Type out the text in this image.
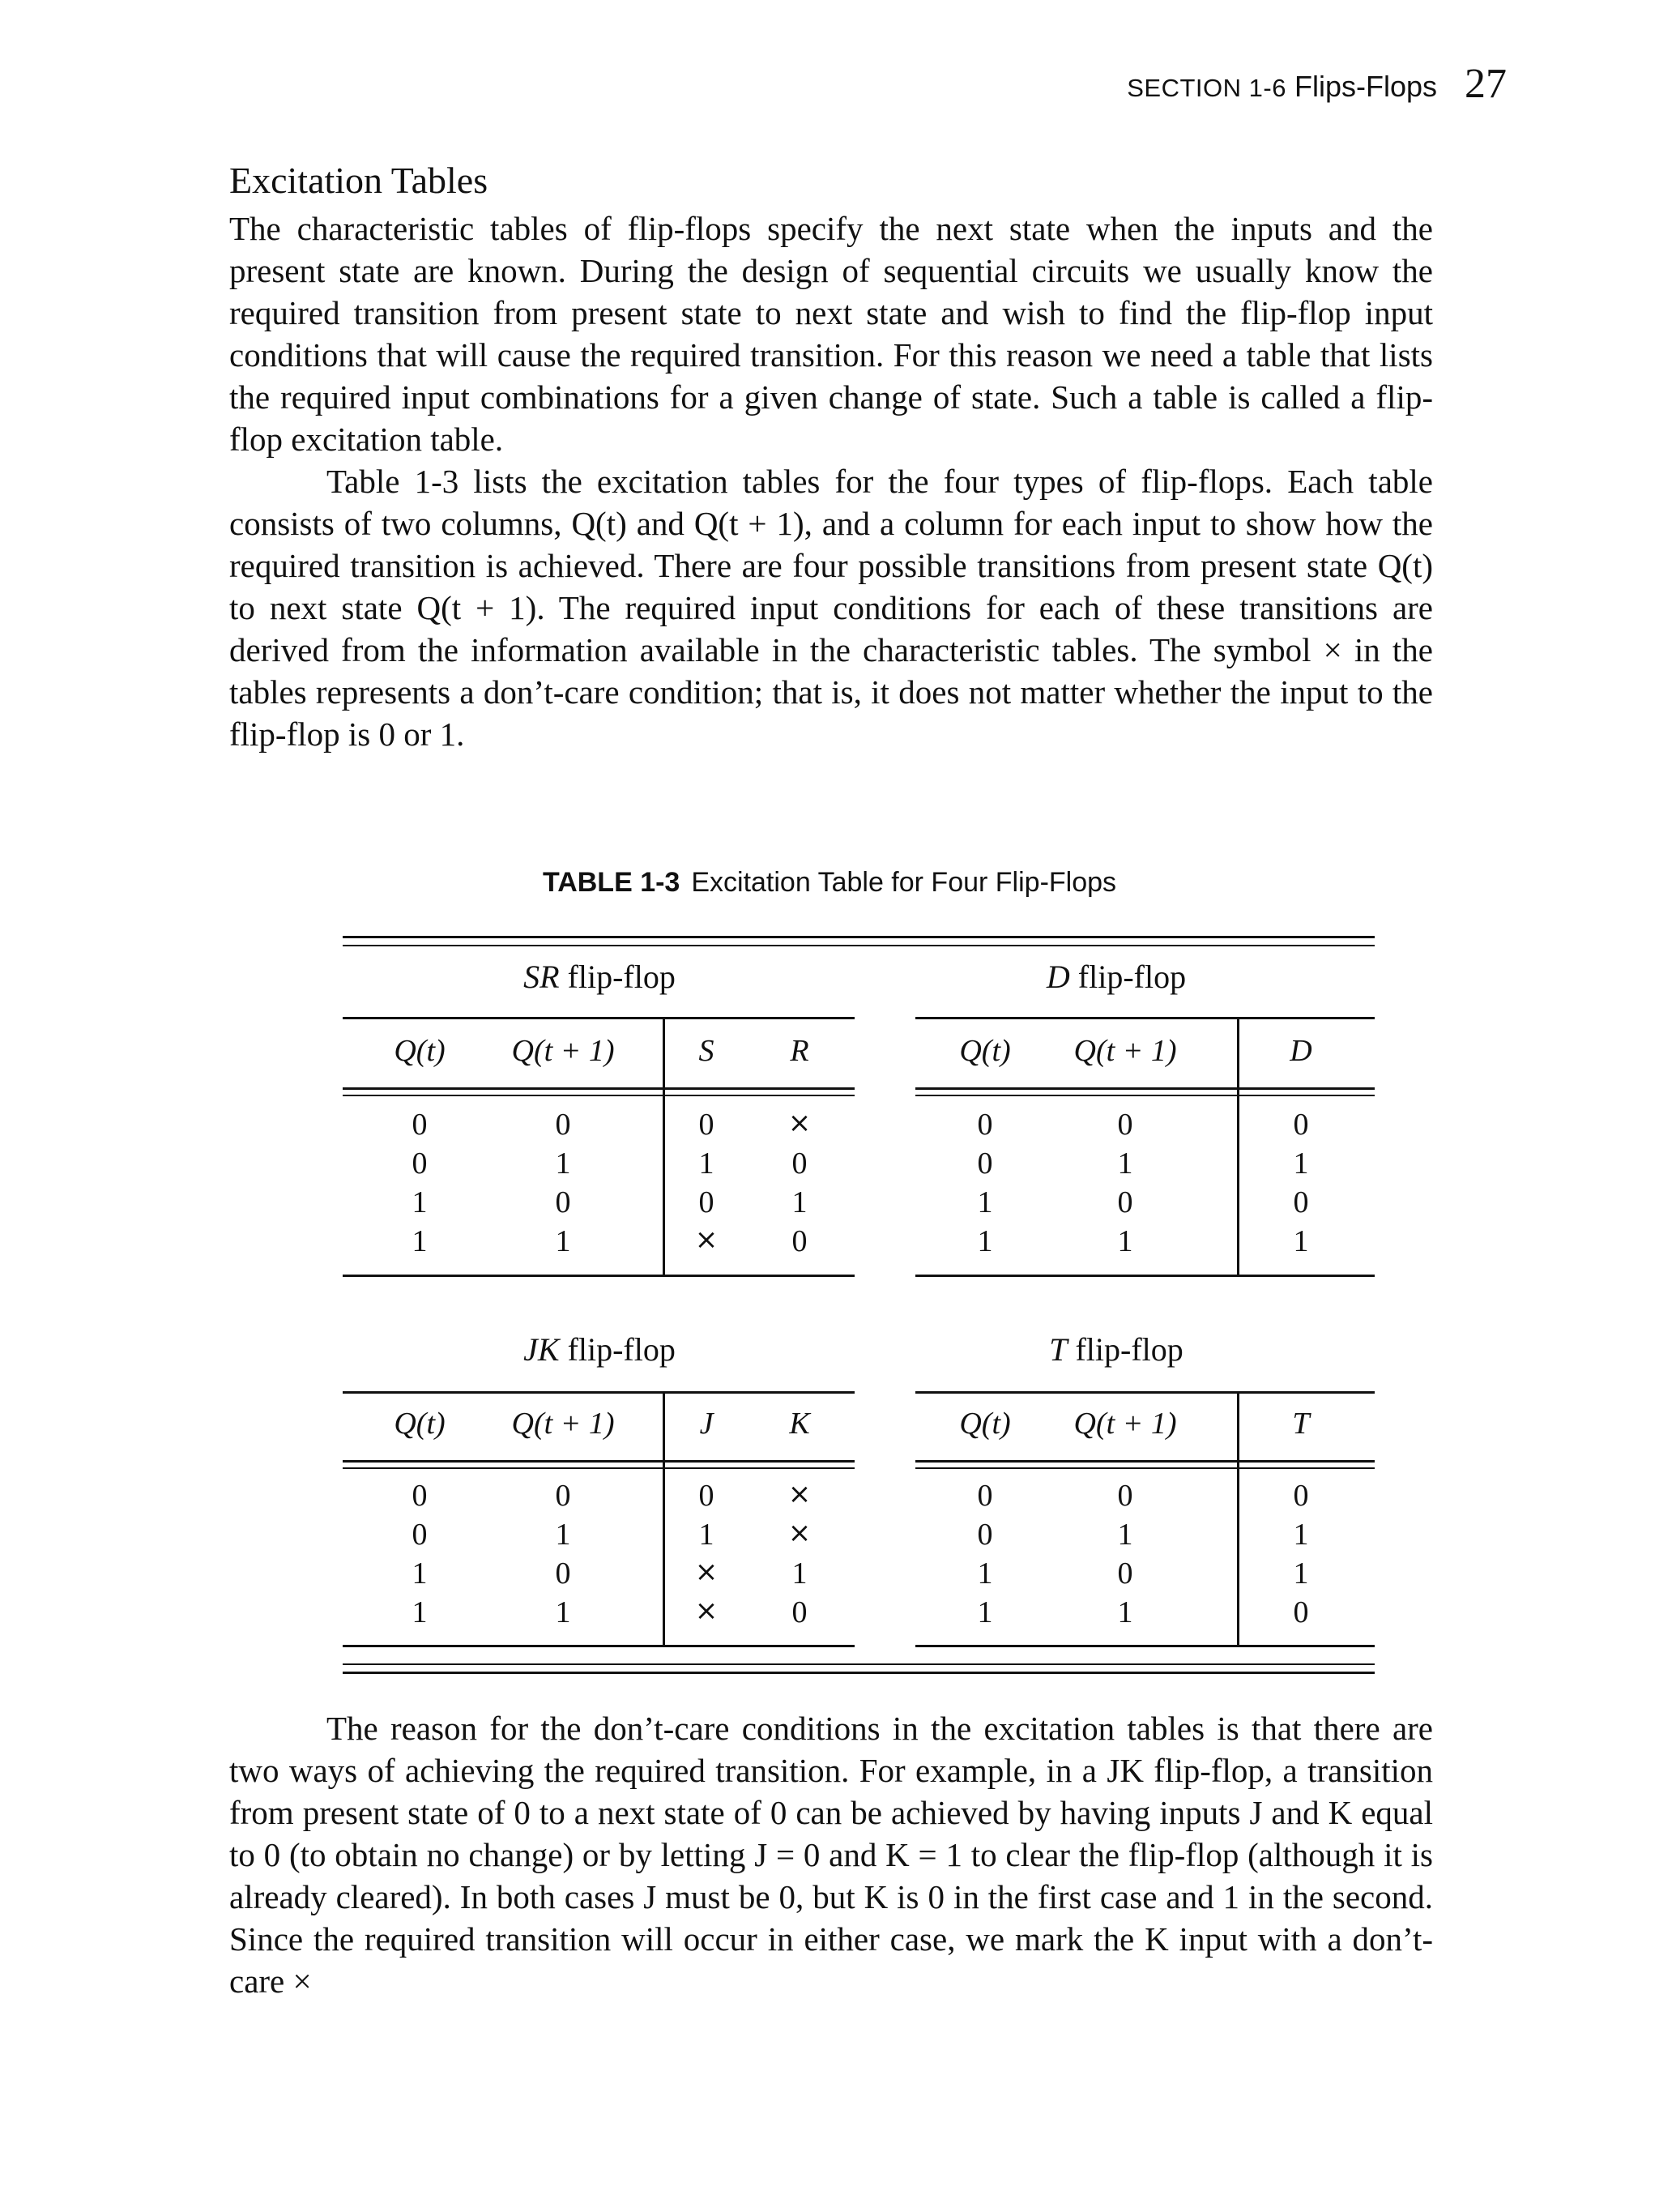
SECTION 1-6 Flips-Flops 27
Excitation Tables

The characteristic tables of flip-flops specify the next state when the inputs and the present state are known. During the design of sequential circuits we usually know the required transition from present state to next state and wish to find the flip-flop input conditions that will cause the required transition. For this reason we need a table that lists the required input combinations for a given change of state. Such a table is called a flip-flop excitation table.

Table 1-3 lists the excitation tables for the four types of flip-flops. Each table consists of two columns, Q(t) and Q(t + 1), and a column for each input to show how the required transition is achieved. There are four possible transitions from present state Q(t) to next state Q(t + 1). The required input conditions for each of these transitions are derived from the information available in the characteristic tables. The symbol × in the tables represents a don’t-care condition; that is, it does not matter whether the input to the flip-flop is 0 or 1.

TABLE 1-3 Excitation Table for Four Flip-Flops
SR flip-flop
Q(t) Q(t + 1)	S R
0	0	0	×
0	1	1	0
1	0	0	1
1	1	× 0
D flip-flop
Q(t) Q(t + 1)	D
0	0	0
0	1	1
1	0	0
1	1	1
JK flip-flop
Q(t) Q(t + 1)	J K
0	0	0	×
0	1	1	×
1	0	× 1
1	1	× 0
T flip-flop
Q(t) Q(t + 1)	T
0	0	0
0	1	1
1	0	1
1	1	0

The reason for the don’t-care conditions in the excitation tables is that there are two ways of achieving the required transition. For example, in a JK flip-flop, a transition from present state of 0 to a next state of 0 can be achieved by having inputs J and K equal to 0 (to obtain no change) or by letting J = 0 and K = 1 to clear the flip-flop (although it is already cleared). In both cases J must be 0, but K is 0 in the first case and 1 in the second. Since the required transition will occur in either case, we mark the K input with a don’t-care ×
